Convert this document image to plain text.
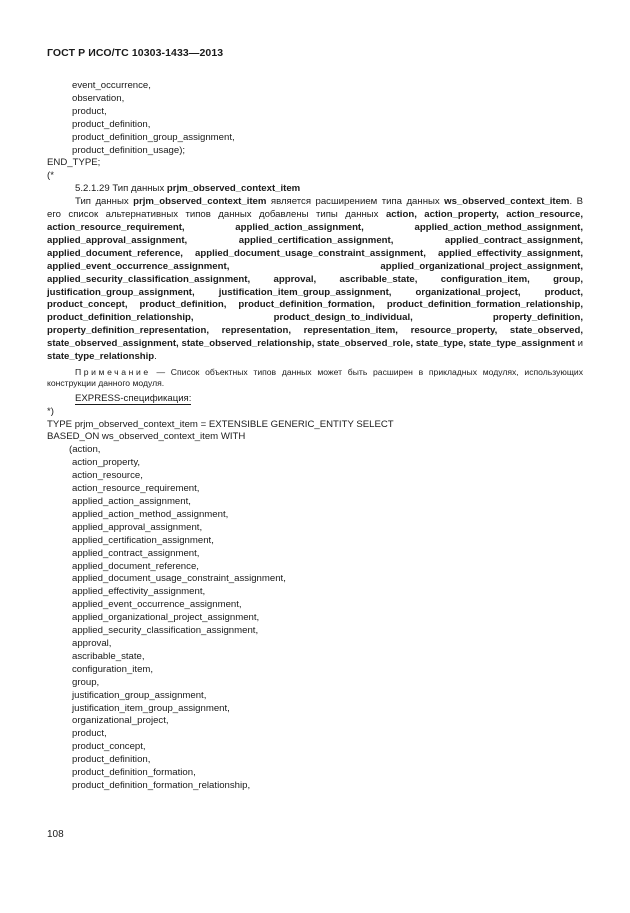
ГОСТ Р ИСО/ТС 10303-1433—2013
event_occurrence,
observation,
product,
product_definition,
product_definition_group_assignment,
product_definition_usage);
END_TYPE;
(*
5.2.1.29 Тип данных prjm_observed_context_item

Тип данных prjm_observed_context_item является расширением типа данных ws_observed_context_item. В его список альтернативных типов данных добавлены типы данных action, action_property, action_resource, action_resource_requirement, applied_action_assignment, applied_action_method_assignment, applied_approval_assignment, applied_certification_assignment, applied_contract_assignment, applied_document_reference, applied_document_usage_constraint_assignment, applied_effectivity_assignment, applied_event_occurrence_assignment, applied_organizational_project_assignment, applied_security_classification_assignment, approval, ascribable_state, configuration_item, group, justification_group_assignment, justification_item_group_assignment, organizational_project, product, product_concept, product_definition, product_definition_formation, product_definition_formation_relationship, product_definition_relationship, product_design_to_individual, property_definition, property_definition_representation, representation, representation_item, resource_property, state_observed, state_observed_assignment, state_observed_relationship, state_observed_role, state_type, state_type_assignment и state_type_relationship.

Примечание — Список объектных типов данных может быть расширен в прикладных модулях, использующих конструкции данного модуля.

EXPRESS-спецификация:
*)
TYPE prjm_observed_context_item = EXTENSIBLE GENERIC_ENTITY SELECT
BASED_ON ws_observed_context_item WITH
(action,
action_property,
action_resource,
action_resource_requirement,
applied_action_assignment,
applied_action_method_assignment,
applied_approval_assignment,
applied_certification_assignment,
applied_contract_assignment,
applied_document_reference,
applied_document_usage_constraint_assignment,
applied_effectivity_assignment,
applied_event_occurrence_assignment,
applied_organizational_project_assignment,
applied_security_classification_assignment,
approval,
ascribable_state,
configuration_item,
group,
justification_group_assignment,
justification_item_group_assignment,
organizational_project,
product,
product_concept,
product_definition,
product_definition_formation,
product_definition_formation_relationship,
108
